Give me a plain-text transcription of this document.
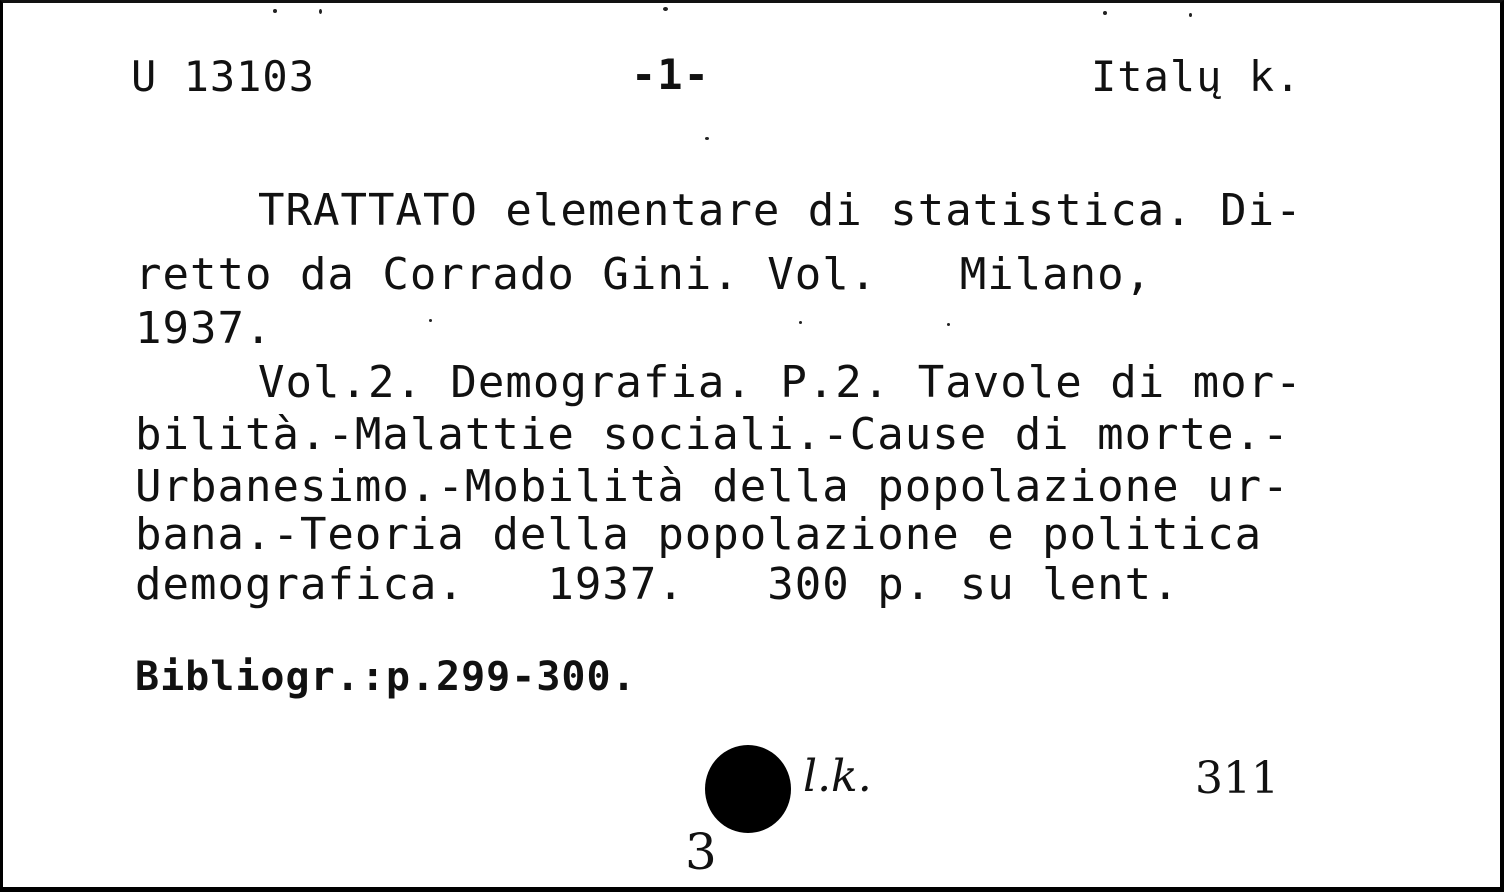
U 13103	-1-	Italų k.
TRATTATO elementare di statistica. Di-
retto da Corrado Gini. Vol.   Milano,
1937.
Vol.2. Demografia. P.2. Tavole di mor-
bilità.-Malattie sociali.-Cause di morte.-
Urbanesimo.-Mobilità della popolazione ur-
bana.-Teoria della popolazione e politica
demografica.   1937.   300 p. su lent.
Bibliogr.:p.299-300.
l.k.	311
3
